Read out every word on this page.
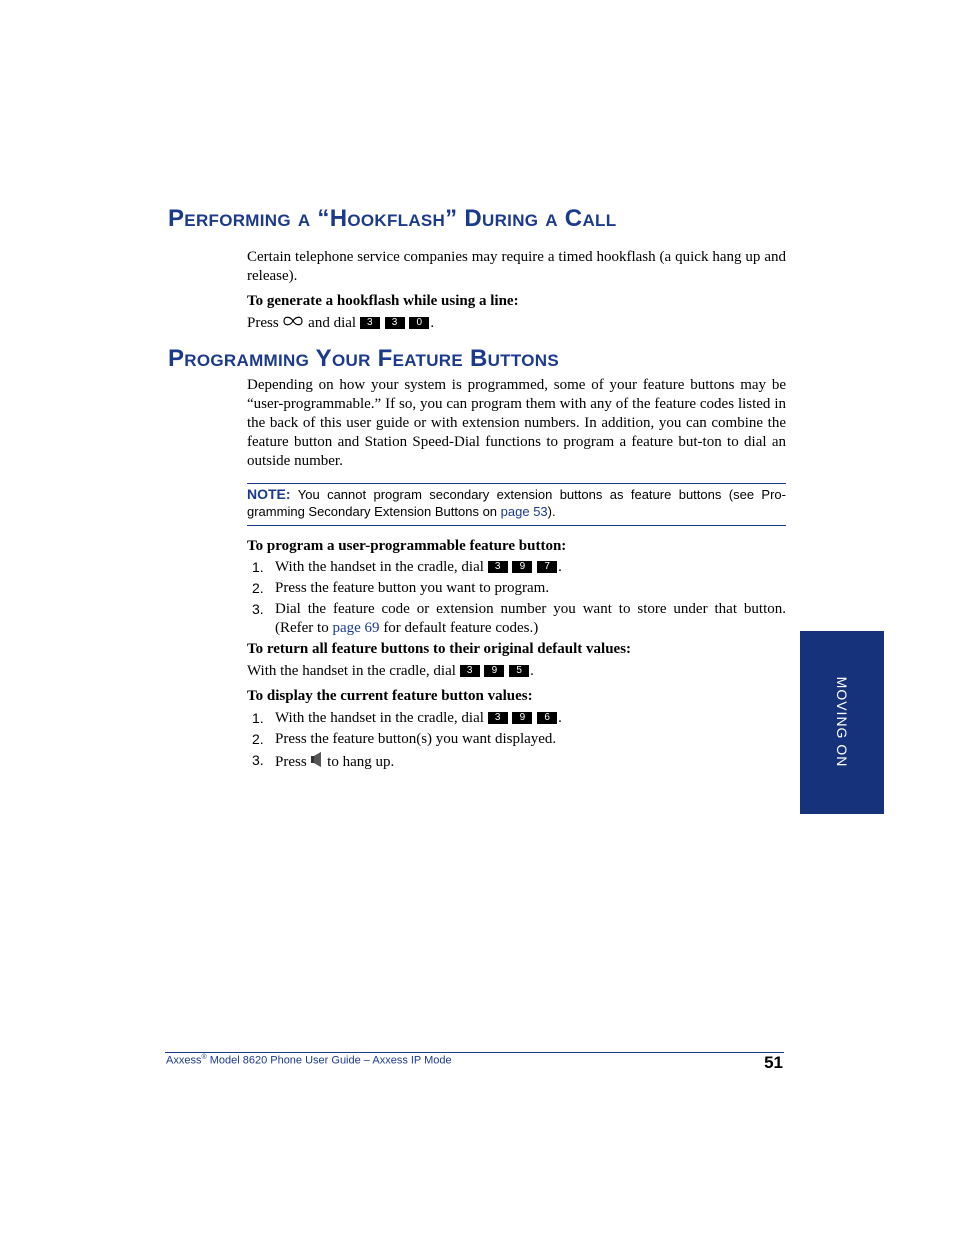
Performing a “Hookflash” During a Call

Certain telephone service companies may require a timed hookflash (a quick hang up and release).

To generate a hookflash while using a line:

Press and dial 3 3 0 .
Programming Your Feature Buttons

Depending on how your system is programmed, some of your feature buttons may be “user-programmable.” If so, you can program them with any of the feature codes listed in the back of this user guide or with extension numbers. In addition, you can combine the feature button and Station Speed-Dial functions to program a feature but-ton to dial an outside number.

NOTE: You cannot program secondary extension buttons as feature buttons (see Pro-gramming Secondary Extension Buttons on page 53).

To program a user-programmable feature button:

1. With the handset in the cradle, dial 3 9 7 .
2. Press the feature button you want to program.
3. Dial the feature code or extension number you want to store under that button. (Refer to page 69 for default feature codes.)

To return all feature buttons to their original default values:

With the handset in the cradle, dial 3 9 5 .

To display the current feature button values:

1. With the handset in the cradle, dial 3 9 6 .
2. Press the feature button(s) you want displayed.
3. Press to hang up.	MOVING ON
Axxess® Model 8620 Phone User Guide – Axxess IP Mode	51
